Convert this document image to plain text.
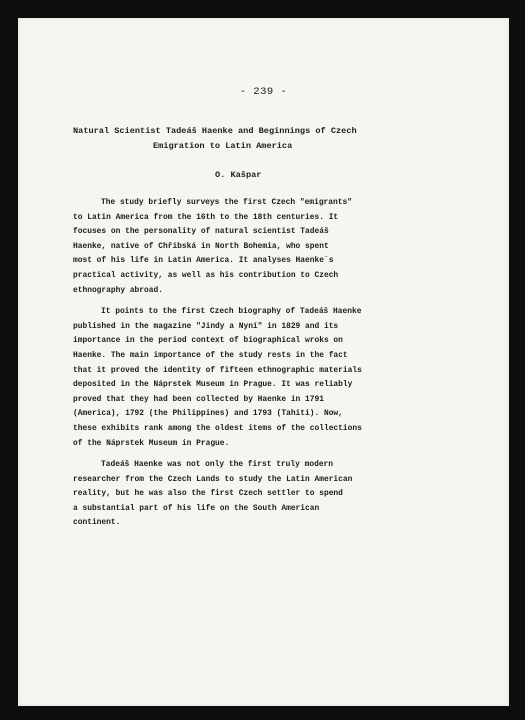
- 239 -
Natural Scientist Tadeáš Haenke and Beginnings of Czech
Emigration to Latin America
O. Kašpar

The study briefly surveys the first Czech "emigrants"
to Latin America from the 16th to the 18th centuries. It
focuses on the personality of natural scientist Tadeáš
Haenke, native of Chřibská in North Bohemia, who spent
most of his life in Latin America. It analyses Haenke´s
practical activity, as well as his contribution to Czech
ethnography abroad.

It points to the first Czech biography of Tadeáš Haenke
published in the magazine "Jindy a Nyní" in 1829 and its
importance in the period context of biographical wroks on
Haenke. The main importance of the study rests in the fact
that it proved the identity of fifteen ethnographic materials
deposited in the Náprstek Museum in Prague. It was reliably
proved that they had been collected by Haenke in 1791
(America), 1792 (the Philippines) and 1793 (Tahiti). Now,
these exhibits rank among the oldest items of the collections
of the Náprstek Museum in Prague.

Tadeáš Haenke was not only the first truly modern
researcher from the Czech Lands to study the Latin American
reality, but he was also the first Czech settler to spend
a substantial part of his life on the South American
continent.
